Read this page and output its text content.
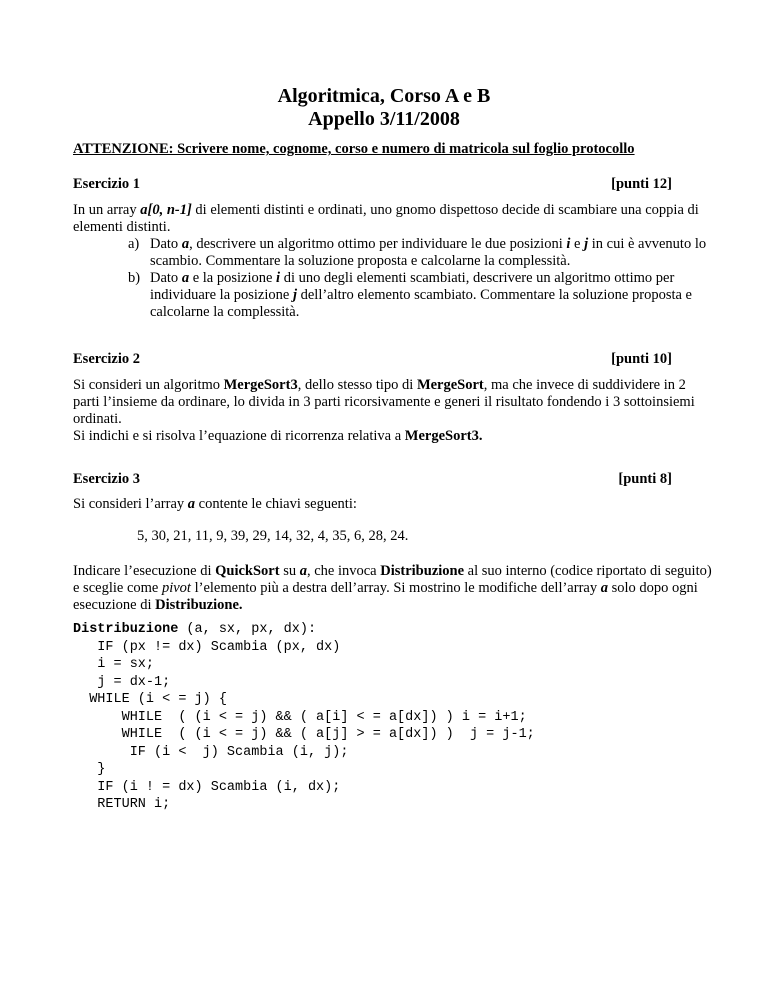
Algoritmica, Corso A e B
Appello 3/11/2008
ATTENZIONE: Scrivere nome, cognome, corso e numero di matricola sul foglio protocollo
Esercizio 1	[punti 12]
In un array a[0, n-1] di elementi distinti e ordinati, uno gnomo dispettoso decide di scambiare una coppia di elementi distinti.
a) Dato a, descrivere un algoritmo ottimo per individuare le due posizioni i e j in cui è avvenuto lo scambio. Commentare la soluzione proposta e calcolarne la complessità.
b) Dato a e la posizione i di uno degli elementi scambiati, descrivere un algoritmo ottimo per individuare la posizione j dell’altro elemento scambiato. Commentare la soluzione proposta e calcolarne la complessità.
Esercizio 2	[punti 10]
Si consideri un algoritmo MergeSort3, dello stesso tipo di MergeSort, ma che invece di suddividere in 2 parti l’insieme da ordinare, lo divida in 3 parti ricorsivamente e generi il risultato fondendo i 3 sottoinsiemi ordinati.
Si indichi e si risolva l’equazione di ricorrenza relativa a MergeSort3.
Esercizio 3	[punti 8]
Si consideri l’array a contente le chiavi seguenti:
5, 30, 21, 11, 9, 39, 29, 14, 32, 4, 35, 6, 28, 24.
Indicare l’esecuzione di QuickSort su a, che invoca Distribuzione al suo interno (codice riportato di seguito) e sceglie come pivot l’elemento più a destra dell’array. Si mostrino le modifiche dell’array a solo dopo ogni esecuzione di Distribuzione.
Distribuzione (a, sx, px, dx):
IF (px != dx) Scambia (px, dx)
i = sx;
j = dx-1;
WHILE (i < = j) {
WHILE  ( (i < = j) && ( a[i] < = a[dx]) ) i = i+1;
WHILE  ( (i < = j) && ( a[j] > = a[dx]) )  j = j-1;
IF (i <  j) Scambia (i, j);
}
IF (i ! = dx) Scambia (i, dx);
RETURN i;
